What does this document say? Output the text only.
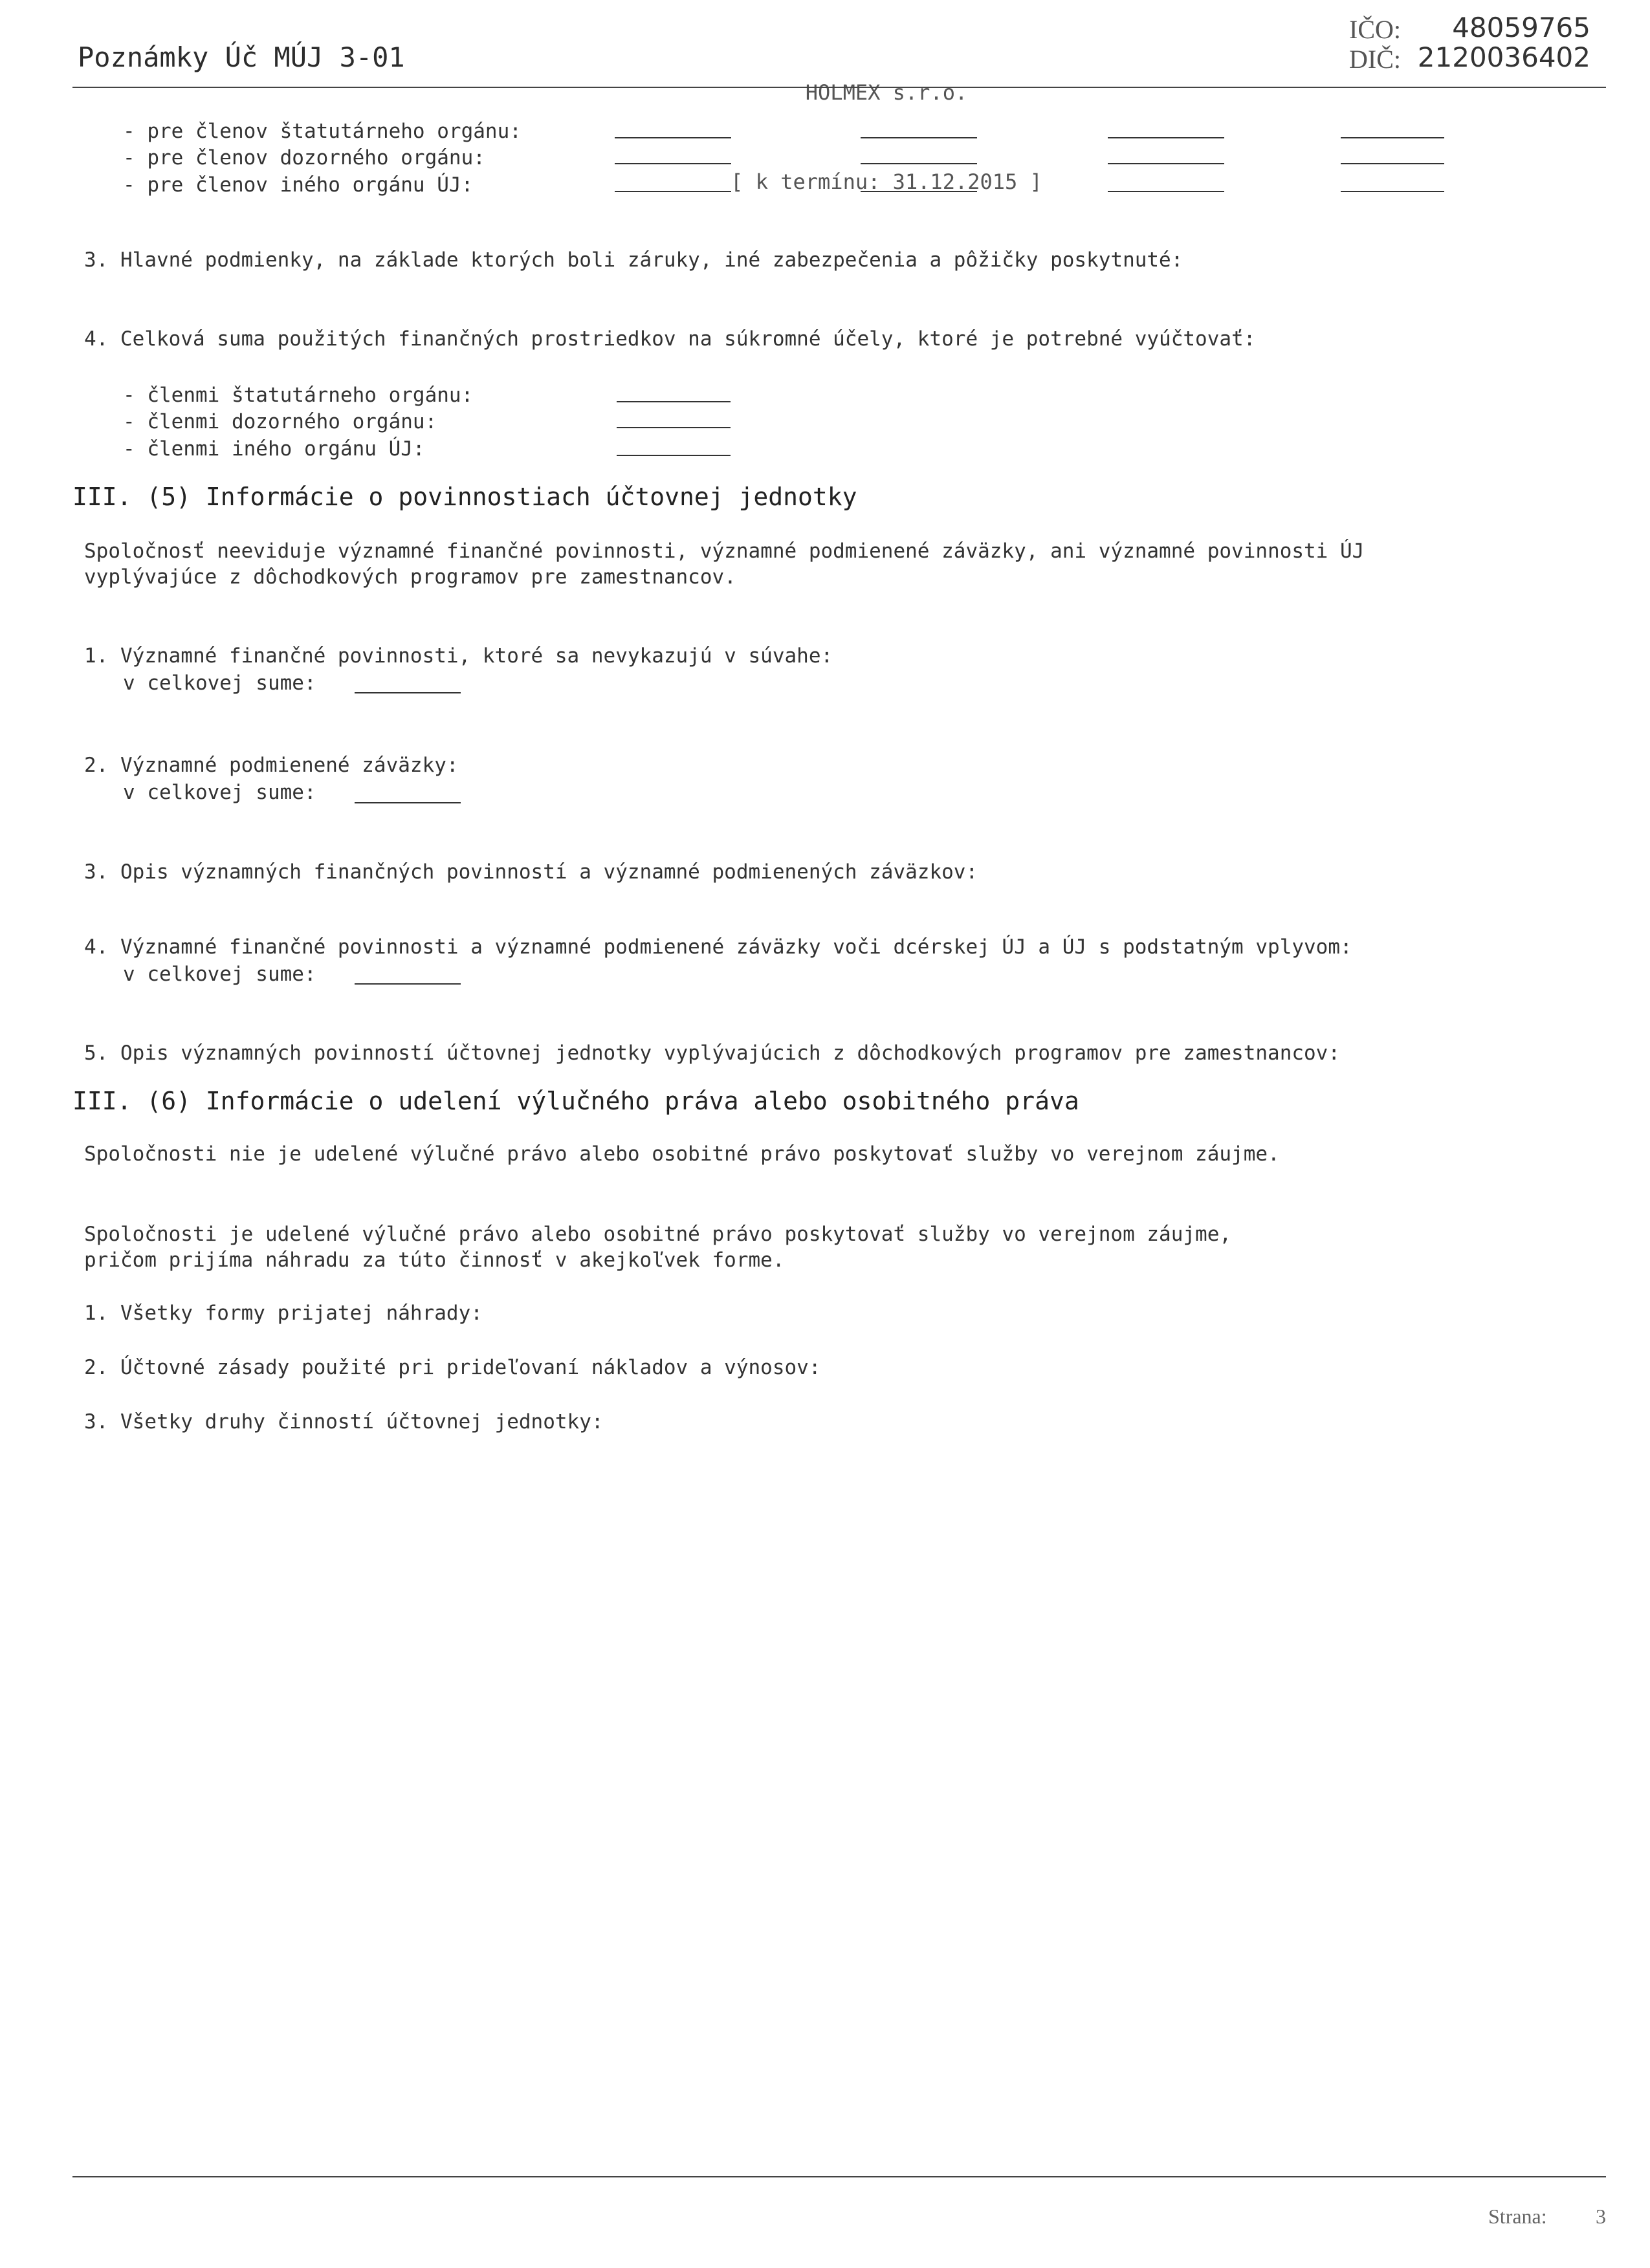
Poznámky Úč MÚJ 3-01

HOLMEX s.r.o.

[ k termínu: 31.12.2015 ]

IČO: 48059765
DIČ: 2120036402
- pre členov štatutárneho orgánu:
- pre členov dozorného orgánu:
- pre členov iného orgánu ÚJ:
3. Hlavné podmienky, na základe ktorých boli záruky, iné zabezpečenia a pôžičky poskytnuté:
4. Celková suma použitých finančných prostriedkov na súkromné účely, ktoré je potrebné vyúčtovať:
- členmi štatutárneho orgánu:
- členmi dozorného orgánu:
- členmi iného orgánu ÚJ:
III. (5) Informácie o povinnostiach účtovnej jednotky
Spoločnosť neeviduje významné finančné povinnosti, významné podmienené záväzky, ani významné povinnosti ÚJ
vyplývajúce z dôchodkových programov pre zamestnancov.
1. Významné finančné povinnosti, ktoré sa nevykazujú v súvahe:
v celkovej sume:
2. Významné podmienené záväzky:
v celkovej sume:
3. Opis významných finančných povinností a významné podmienených záväzkov:
4. Významné finančné povinnosti a významné podmienené záväzky voči dcérskej ÚJ a ÚJ s podstatným vplyvom:
v celkovej sume:
5. Opis významných povinností účtovnej jednotky vyplývajúcich z dôchodkových programov pre zamestnancov:
III. (6) Informácie o udelení výlučného práva alebo osobitného práva
Spoločnosti nie je udelené výlučné právo alebo osobitné právo poskytovať služby vo verejnom záujme.
Spoločnosti je udelené výlučné právo alebo osobitné právo poskytovať služby vo verejnom záujme,
pričom prijíma náhradu za túto činnosť v akejkoľvek forme.
1. Všetky formy prijatej náhrady:
2. Účtovné zásady použité pri prideľovaní nákladov a výnosov:
3. Všetky druhy činností účtovnej jednotky:
Strana: 3
